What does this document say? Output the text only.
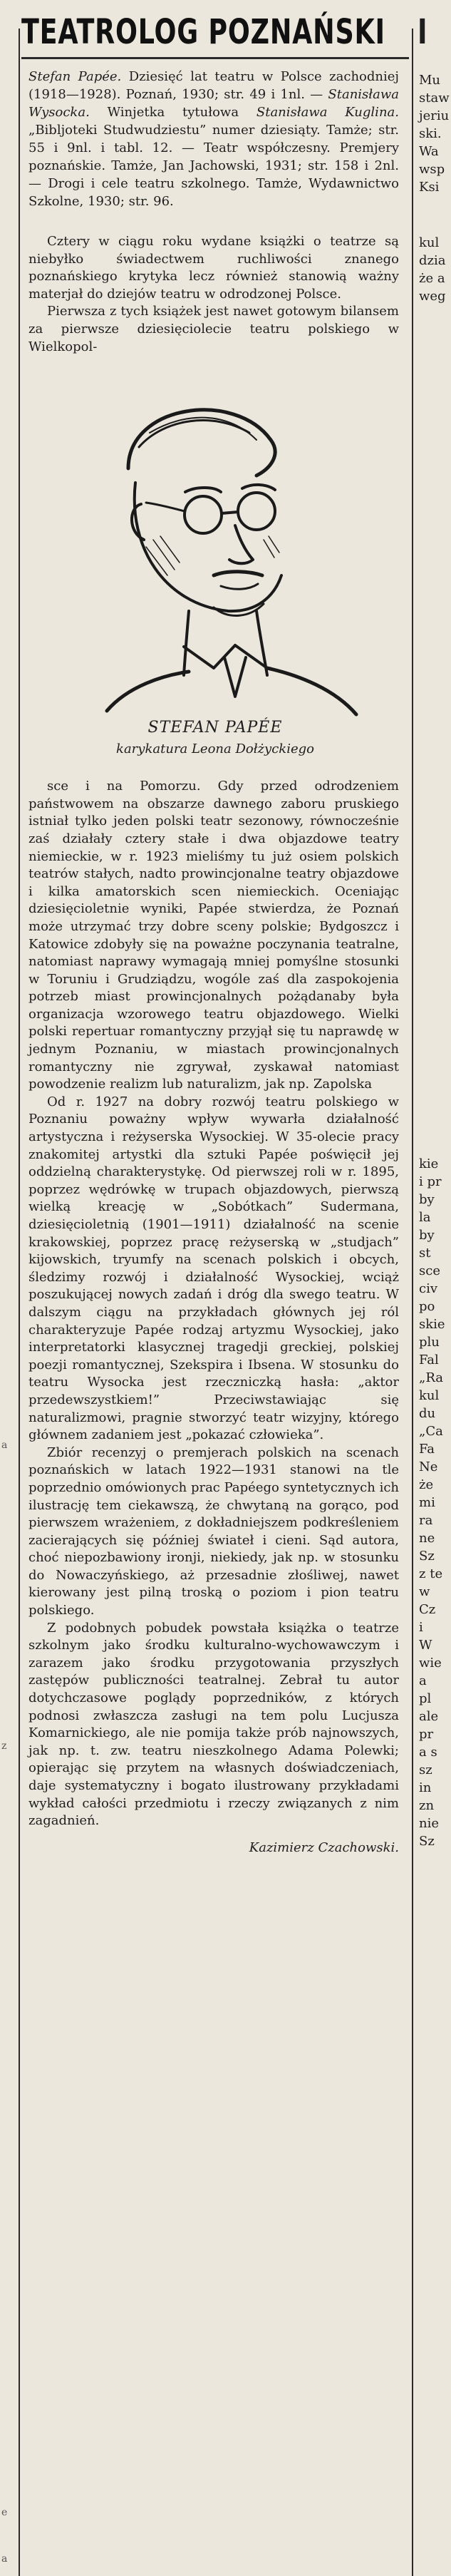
a
z
e
a
TEATROLOG POZNAŃSKI

Stefan Papée. Dziesięć lat teatru w Polsce zachodniej (1918—1928). Poznań, 1930; str. 49 i 1nl. — Stanisława Wysocka. Winjetka tytułowa Stanisława Kuglina. „Bibljoteki Studwudziestu” numer dziesiąty. Tamże; str. 55 i 9nl. i tabl. 12. — Teatr współczesny. Premjery poznańskie. Tamże, Jan Jachowski, 1931; str. 158 i 2nl. — Drogi i cele teatru szkolnego. Tamże, Wydawnictwo Szkolne, 1930; str. 96.

Cztery w ciągu roku wydane książki o teatrze są niebyłko świadectwem ruchliwości znanego poznańskiego krytyka lecz również stanowią ważny materjał do dziejów teatru w odrodzonej Polsce.

Pierwsza z tych książek jest nawet gotowym bilansem za pierwsze dziesięciolecie teatru polskiego w Wielkopol-

STEFAN PAPÉE

karykatura Leona Dołżyckiego

sce i na Pomorzu. Gdy przed odrodzeniem państwowem na obszarze dawnego zaboru pruskiego istniał tylko jeden polski teatr sezonowy, równocześnie zaś działały cztery stałe i dwa objazdowe teatry niemieckie, w r. 1923 mieliśmy tu już osiem polskich teatrów stałych, nadto prowincjonalne teatry objazdowe i kilka amatorskich scen niemieckich. Oceniając dziesięcioletnie wyniki, Papée stwierdza, że Poznań może utrzymać trzy dobre sceny polskie; Bydgoszcz i Katowice zdobyły się na poważne poczynania teatralne, natomiast naprawy wymagają mniej pomyślne stosunki w Toruniu i Grudziądzu, wogóle zaś dla zaspokojenia potrzeb miast prowincjonalnych pożądanaby była organizacja wzorowego teatru objazdowego. Wielki polski repertuar romantyczny przyjął się tu naprawdę w jednym Poznaniu, w miastach prowincjonalnych romantyczny nie zgrywał, zyskawał natomiast powodzenie realizm lub naturalizm, jak np. Zapolska

Od r. 1927 na dobry rozwój teatru polskiego w Poznaniu poważny wpływ wywarła działalność artystyczna i reżyserska Wysockiej. W 35-olecie pracy znakomitej artystki dla sztuki Papée poświęcił jej oddzielną charakterystykę. Od pierwszej roli w r. 1895, poprzez wędrówkę w trupach objazdowych, pierwszą wielką kreację w „Sobótkach” Sudermana, dziesięcioletnią (1901—1911) działalność na scenie krakowskiej, poprzez pracę reżyserską w „studjach” kijowskich, tryumfy na scenach polskich i obcych, śledzimy rozwój i działalność Wysockiej, wciąż poszukującej nowych zadań i dróg dla swego teatru. W dalszym ciągu na przykładach głównych jej ról charakteryzuje Papée rodzaj artyzmu Wysockiej, jako interpretatorki klasycznej tragedji greckiej, polskiej poezji romantycznej, Szekspira i Ibsena. W stosunku do teatru Wysocka jest rzeczniczką hasła: „aktor przedewszystkiem!” Przeciwstawiając się naturalizmowi, pragnie stworzyć teatr wizyjny, którego głównem zadaniem jest „pokazać człowieka”.

Zbiór recenzyj o premjerach polskich na scenach poznańskich w latach 1922—1931 stanowi na tle poprzednio omówionych prac Papéego syntetycznych ich ilustrację tem ciekawszą, że chwytaną na gorąco, pod pierwszem wrażeniem, z dokładniejszem podkreśleniem zacierających się później świateł i cieni. Sąd autora, choć niepozbawiony ironji, niekiedy, jak np. w stosunku do Nowaczyńskiego, aż przesadnie złośliwej, nawet kierowany jest pilną troską o poziom i pion teatru polskiego.

Z podobnych pobudek powstała książka o teatrze szkolnym jako środku kulturalno-wychowawczym i zarazem jako środku przygotowania przyszłych zastępów publiczności teatralnej. Zebrał tu autor dotychczasowe poglądy poprzedników, z których podnosi zwłaszcza zasługi na tem polu Lucjusza Komarnickiego, ale nie pomija także prób najnowszych, jak np. t. zw. teatru nieszkolnego Adama Polewki; opierając się przytem na własnych doświadczeniach, daje systematyczny i bogato ilustrowany przykładami wykład całości przedmiotu i rzeczy związanych z nim zagadnień.

Kazimierz Czachowski.

I
Mu
staw
jeriu
ski.
Wa
wsp
Ksi
kul
dzia
że a
weg
kie
i pr
by
la
by
st
sce
civ
po
skie
plu
Fal
„Ra
kul
du
„Ca
Fa
Ne
że
mi
ra
ne
Sz
z te
w
Cz
i
W
wie
a
pl
ale
pr
a s
sz
in
zn
nie
Sz
